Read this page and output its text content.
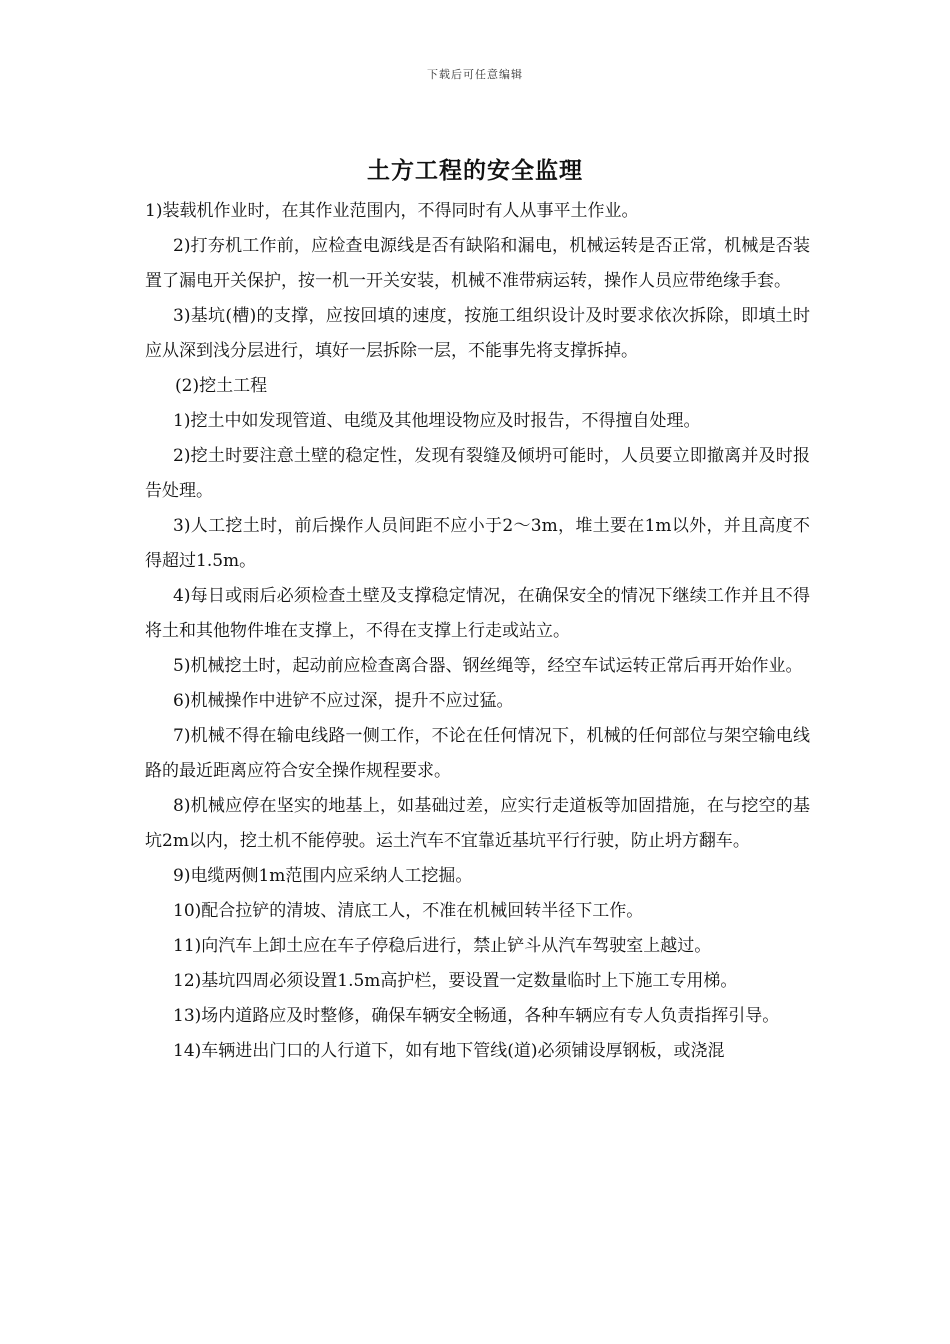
下载后可任意编辑
土方工程的安全监理

1)装载机作业时，在其作业范围内，不得同时有人从事平土作业。

2)打夯机工作前，应检查电源线是否有缺陷和漏电，机械运转是否正常，机械是否装置了漏电开关保护，按一机一开关安装，机械不准带病运转，操作人员应带绝缘手套。

3)基坑(槽)的支撑，应按回填的速度，按施工组织设计及时要求依次拆除，即填土时应从深到浅分层进行，填好一层拆除一层，不能事先将支撑拆掉。

(2)挖土工程

1)挖土中如发现管道、电缆及其他埋设物应及时报告，不得擅自处理。

2)挖土时要注意土壁的稳定性，发现有裂缝及倾坍可能时，人员要立即撤离并及时报告处理。

3)人工挖土时，前后操作人员间距不应小于2～3m，堆土要在1m以外，并且高度不得超过1.5m。

4)每日或雨后必须检查土壁及支撑稳定情况，在确保安全的情况下继续工作并且不得将土和其他物件堆在支撑上，不得在支撑上行走或站立。

5)机械挖土时，起动前应检查离合器、钢丝绳等，经空车试运转正常后再开始作业。

6)机械操作中进铲不应过深，提升不应过猛。

7)机械不得在输电线路一侧工作，不论在任何情况下，机械的任何部位与架空输电线路的最近距离应符合安全操作规程要求。

8)机械应停在坚实的地基上，如基础过差，应实行走道板等加固措施，在与挖空的基坑2m以内，挖土机不能停驶。运土汽车不宜靠近基坑平行行驶，防止坍方翻车。

9)电缆两侧1m范围内应采纳人工挖掘。

10)配合拉铲的清坡、清底工人，不准在机械回转半径下工作。

11)向汽车上卸土应在车子停稳后进行，禁止铲斗从汽车驾驶室上越过。

12)基坑四周必须设置1.5m高护栏，要设置一定数量临时上下施工专用梯。

13)场内道路应及时整修，确保车辆安全畅通，各种车辆应有专人负责指挥引导。

14)车辆进出门口的人行道下，如有地下管线(道)必须铺设厚钢板，或浇混
